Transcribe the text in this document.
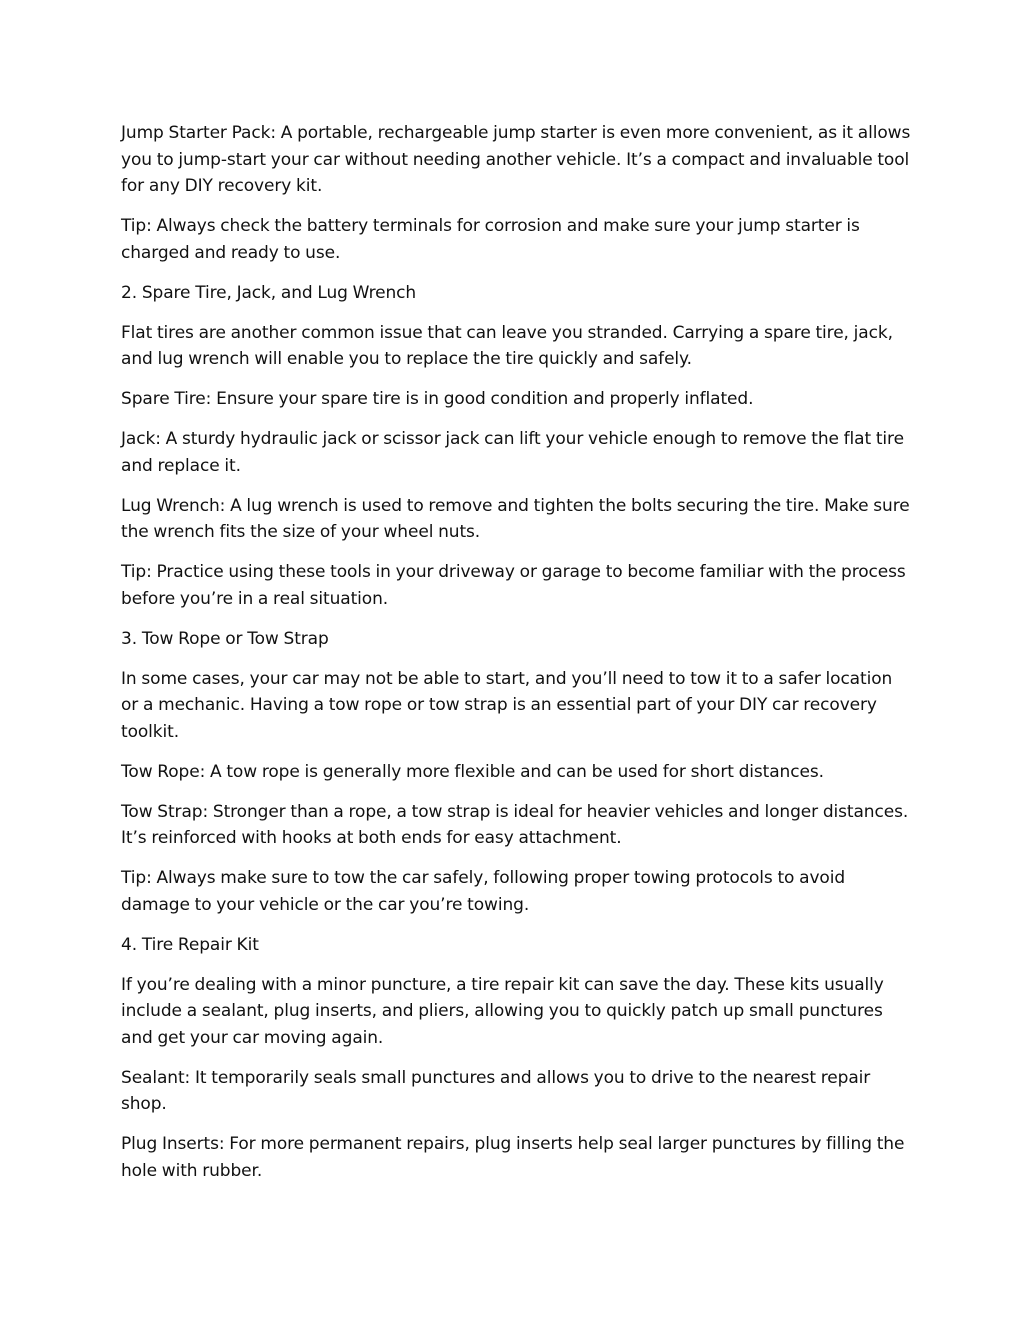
Jump Starter Pack: A portable, rechargeable jump starter is even more convenient, as it allows you to jump-start your car without needing another vehicle. It’s a compact and invaluable tool for any DIY recovery kit.

Tip: Always check the battery terminals for corrosion and make sure your jump starter is charged and ready to use.

2. Spare Tire, Jack, and Lug Wrench

Flat tires are another common issue that can leave you stranded. Carrying a spare tire, jack, and lug wrench will enable you to replace the tire quickly and safely.

Spare Tire: Ensure your spare tire is in good condition and properly inflated.

Jack: A sturdy hydraulic jack or scissor jack can lift your vehicle enough to remove the flat tire and replace it.

Lug Wrench: A lug wrench is used to remove and tighten the bolts securing the tire. Make sure the wrench fits the size of your wheel nuts.

Tip: Practice using these tools in your driveway or garage to become familiar with the process before you’re in a real situation.

3. Tow Rope or Tow Strap

In some cases, your car may not be able to start, and you’ll need to tow it to a safer location or a mechanic. Having a tow rope or tow strap is an essential part of your DIY car recovery toolkit.

Tow Rope: A tow rope is generally more flexible and can be used for short distances.

Tow Strap: Stronger than a rope, a tow strap is ideal for heavier vehicles and longer distances. It’s reinforced with hooks at both ends for easy attachment.

Tip: Always make sure to tow the car safely, following proper towing protocols to avoid damage to your vehicle or the car you’re towing.

4. Tire Repair Kit

If you’re dealing with a minor puncture, a tire repair kit can save the day. These kits usually include a sealant, plug inserts, and pliers, allowing you to quickly patch up small punctures and get your car moving again.

Sealant: It temporarily seals small punctures and allows you to drive to the nearest repair shop.

Plug Inserts: For more permanent repairs, plug inserts help seal larger punctures by filling the hole with rubber.
